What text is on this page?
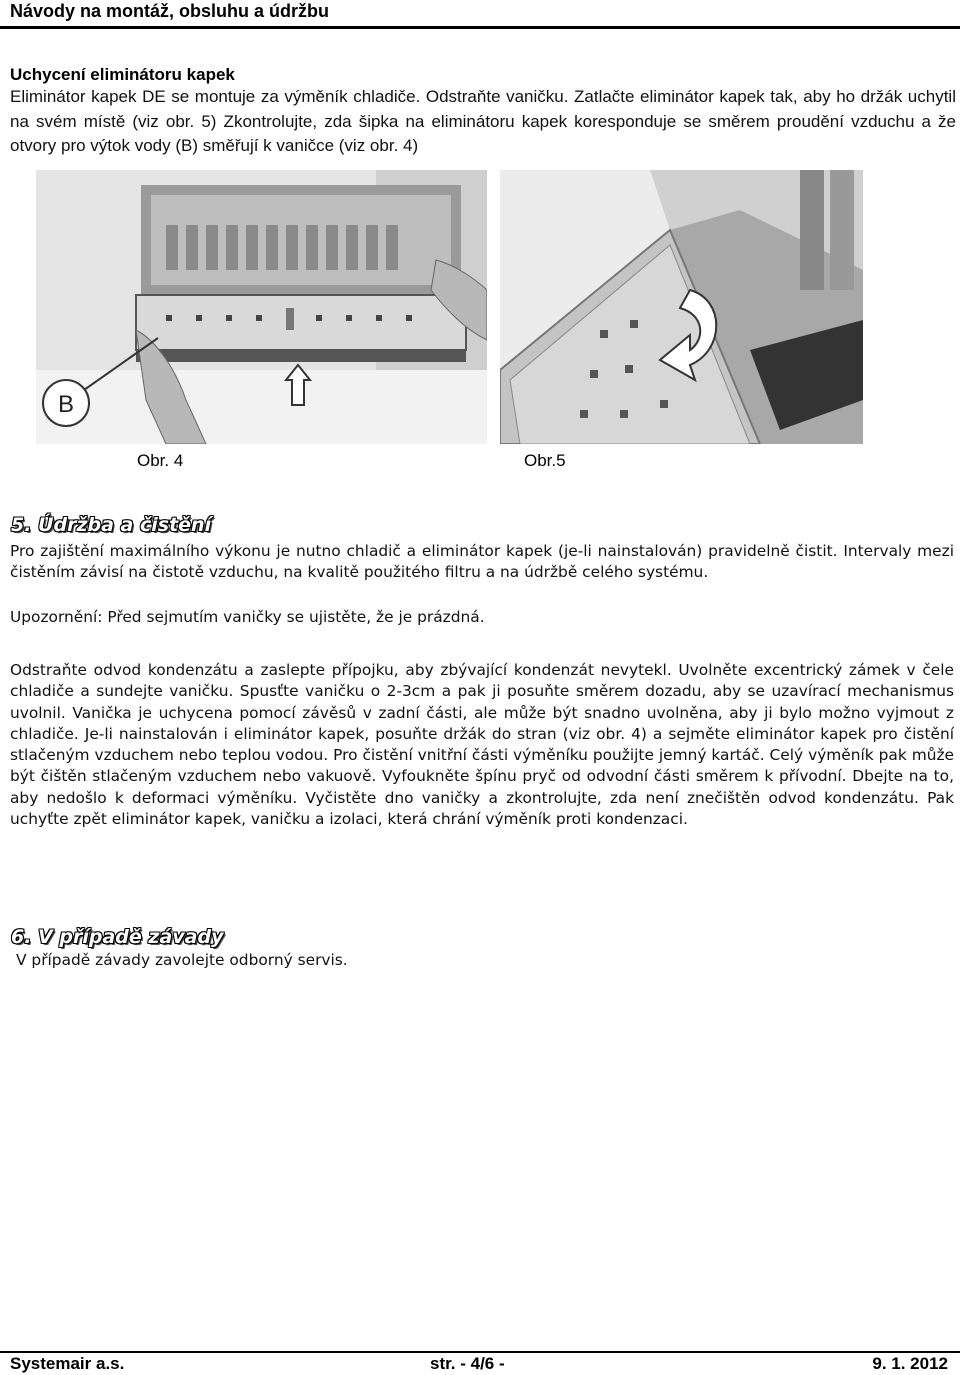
Návody na montáž, obsluhu a údržbu
Uchycení eliminátoru kapek
Eliminátor kapek DE se montuje za výměník chladiče. Odstraňte vaničku. Zatlačte eliminátor kapek tak, aby ho držák uchytil na svém místě (viz obr. 5) Zkontrolujte, zda šipka na eliminátoru kapek koresponduje se směrem proudění vzduchu a že otvory pro výtok vody (B) směřují k vaničce (viz obr. 4)
B
Obr. 4	Obr.5
5. Údržba a čistění
Pro zajištění maximálního výkonu je nutno chladič a eliminátor kapek (je-li nainstalován) pravidelně čistit. Intervaly mezi čistěním závisí na čistotě vzduchu, na kvalitě použitého filtru a na údržbě celého systému.
Upozornění: Před sejmutím vaničky se ujistěte, že je prázdná.
Odstraňte odvod kondenzátu a zaslepte přípojku, aby zbývající kondenzát nevytekl. Uvolněte excentrický zámek v čele chladiče a sundejte vaničku. Spusťte vaničku o 2-3cm a pak ji posuňte směrem dozadu, aby se uzavírací mechanismus uvolnil. Vanička je uchycena pomocí závěsů v zadní části, ale může být snadno uvolněna, aby ji bylo možno vyjmout z chladiče. Je-li nainstalován i eliminátor kapek, posuňte držák do stran (viz obr. 4) a sejměte eliminátor kapek pro čistění stlačeným vzduchem nebo teplou vodou. Pro čistění vnitřní části výměníku použijte jemný kartáč. Celý výměník pak může být čištěn stlačeným vzduchem nebo vakuově. Vyfoukněte špínu pryč od odvodní části směrem k přívodní. Dbejte na to, aby nedošlo k deformaci výměníku. Vyčistěte dno vaničky a zkontrolujte, zda není znečištěn odvod kondenzátu. Pak uchyťte zpět eliminátor kapek, vaničku a izolaci, která chrání výměník proti kondenzaci.
6. V případě závady
V případě závady zavolejte odborný servis.
Systemair a.s.	str. - 4/6 -	9. 1. 2012
